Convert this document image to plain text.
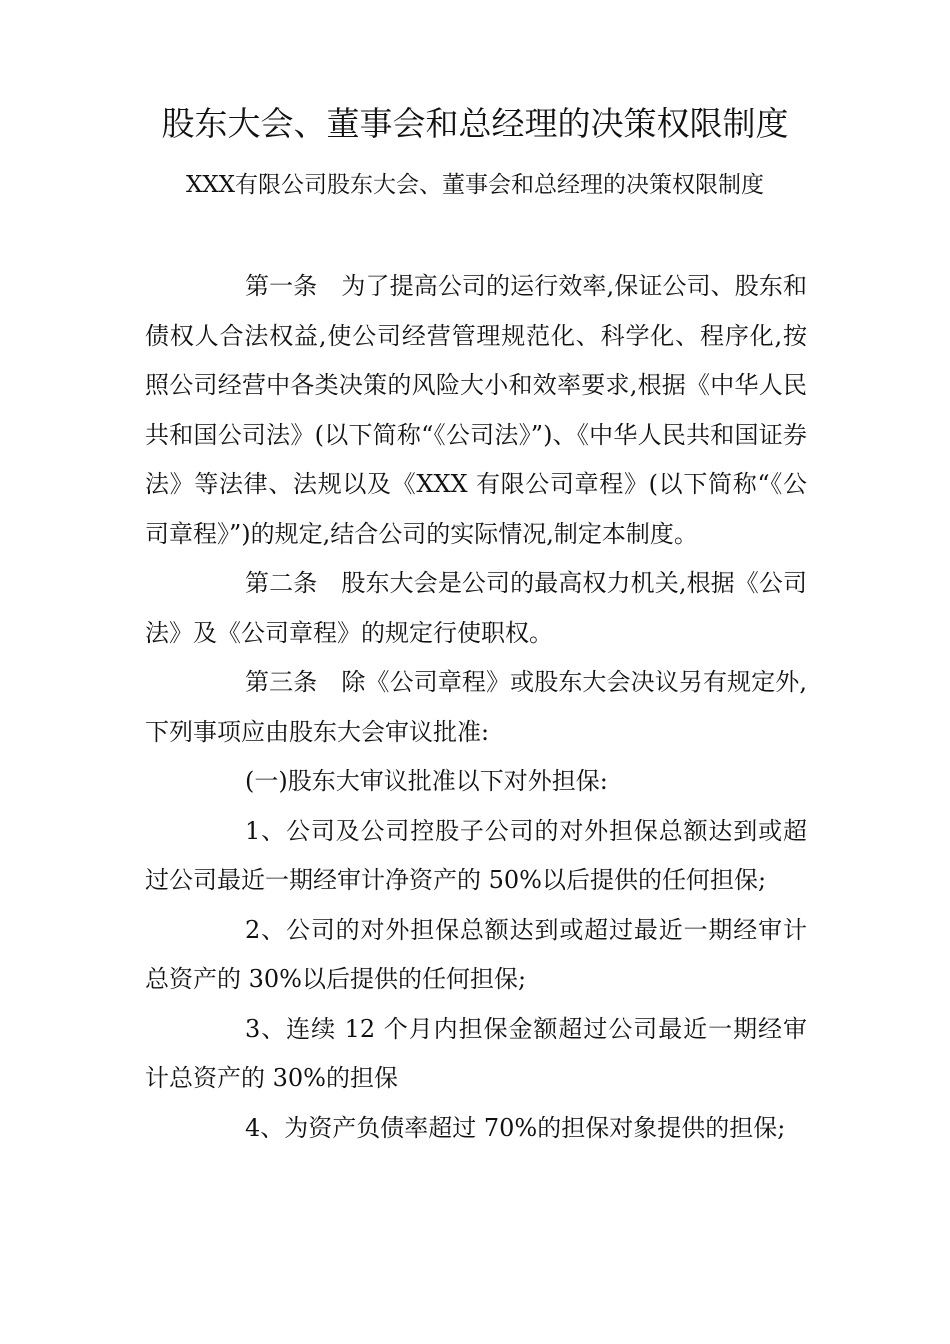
股东大会、董事会和总经理的决策权限制度
XXX有限公司股东大会、董事会和总经理的决策权限制度

第一条　为了提高公司的运行效率,保证公司、股东和债权人合法权益,使公司经营管理规范化、科学化、程序化,按照公司经营中各类决策的风险大小和效率要求,根据《中华人民共和国公司法》(以下简称“《公司法》”)、《中华人民共和国证券法》等法律、法规以及《XXX 有限公司章程》(以下简称“《公司章程》”)的规定,结合公司的实际情况,制定本制度。

第二条　股东大会是公司的最高权力机关,根据《公司法》及《公司章程》的规定行使职权。

第三条　除《公司章程》或股东大会决议另有规定外,下列事项应由股东大会审议批准:

(一)股东大审议批准以下对外担保:

1、公司及公司控股子公司的对外担保总额达到或超过公司最近一期经审计净资产的 50%以后提供的任何担保;

2、公司的对外担保总额达到或超过最近一期经审计总资产的 30%以后提供的任何担保;

3、连续 12 个月内担保金额超过公司最近一期经审计总资产的 30%的担保

4、为资产负债率超过 70%的担保对象提供的担保;
